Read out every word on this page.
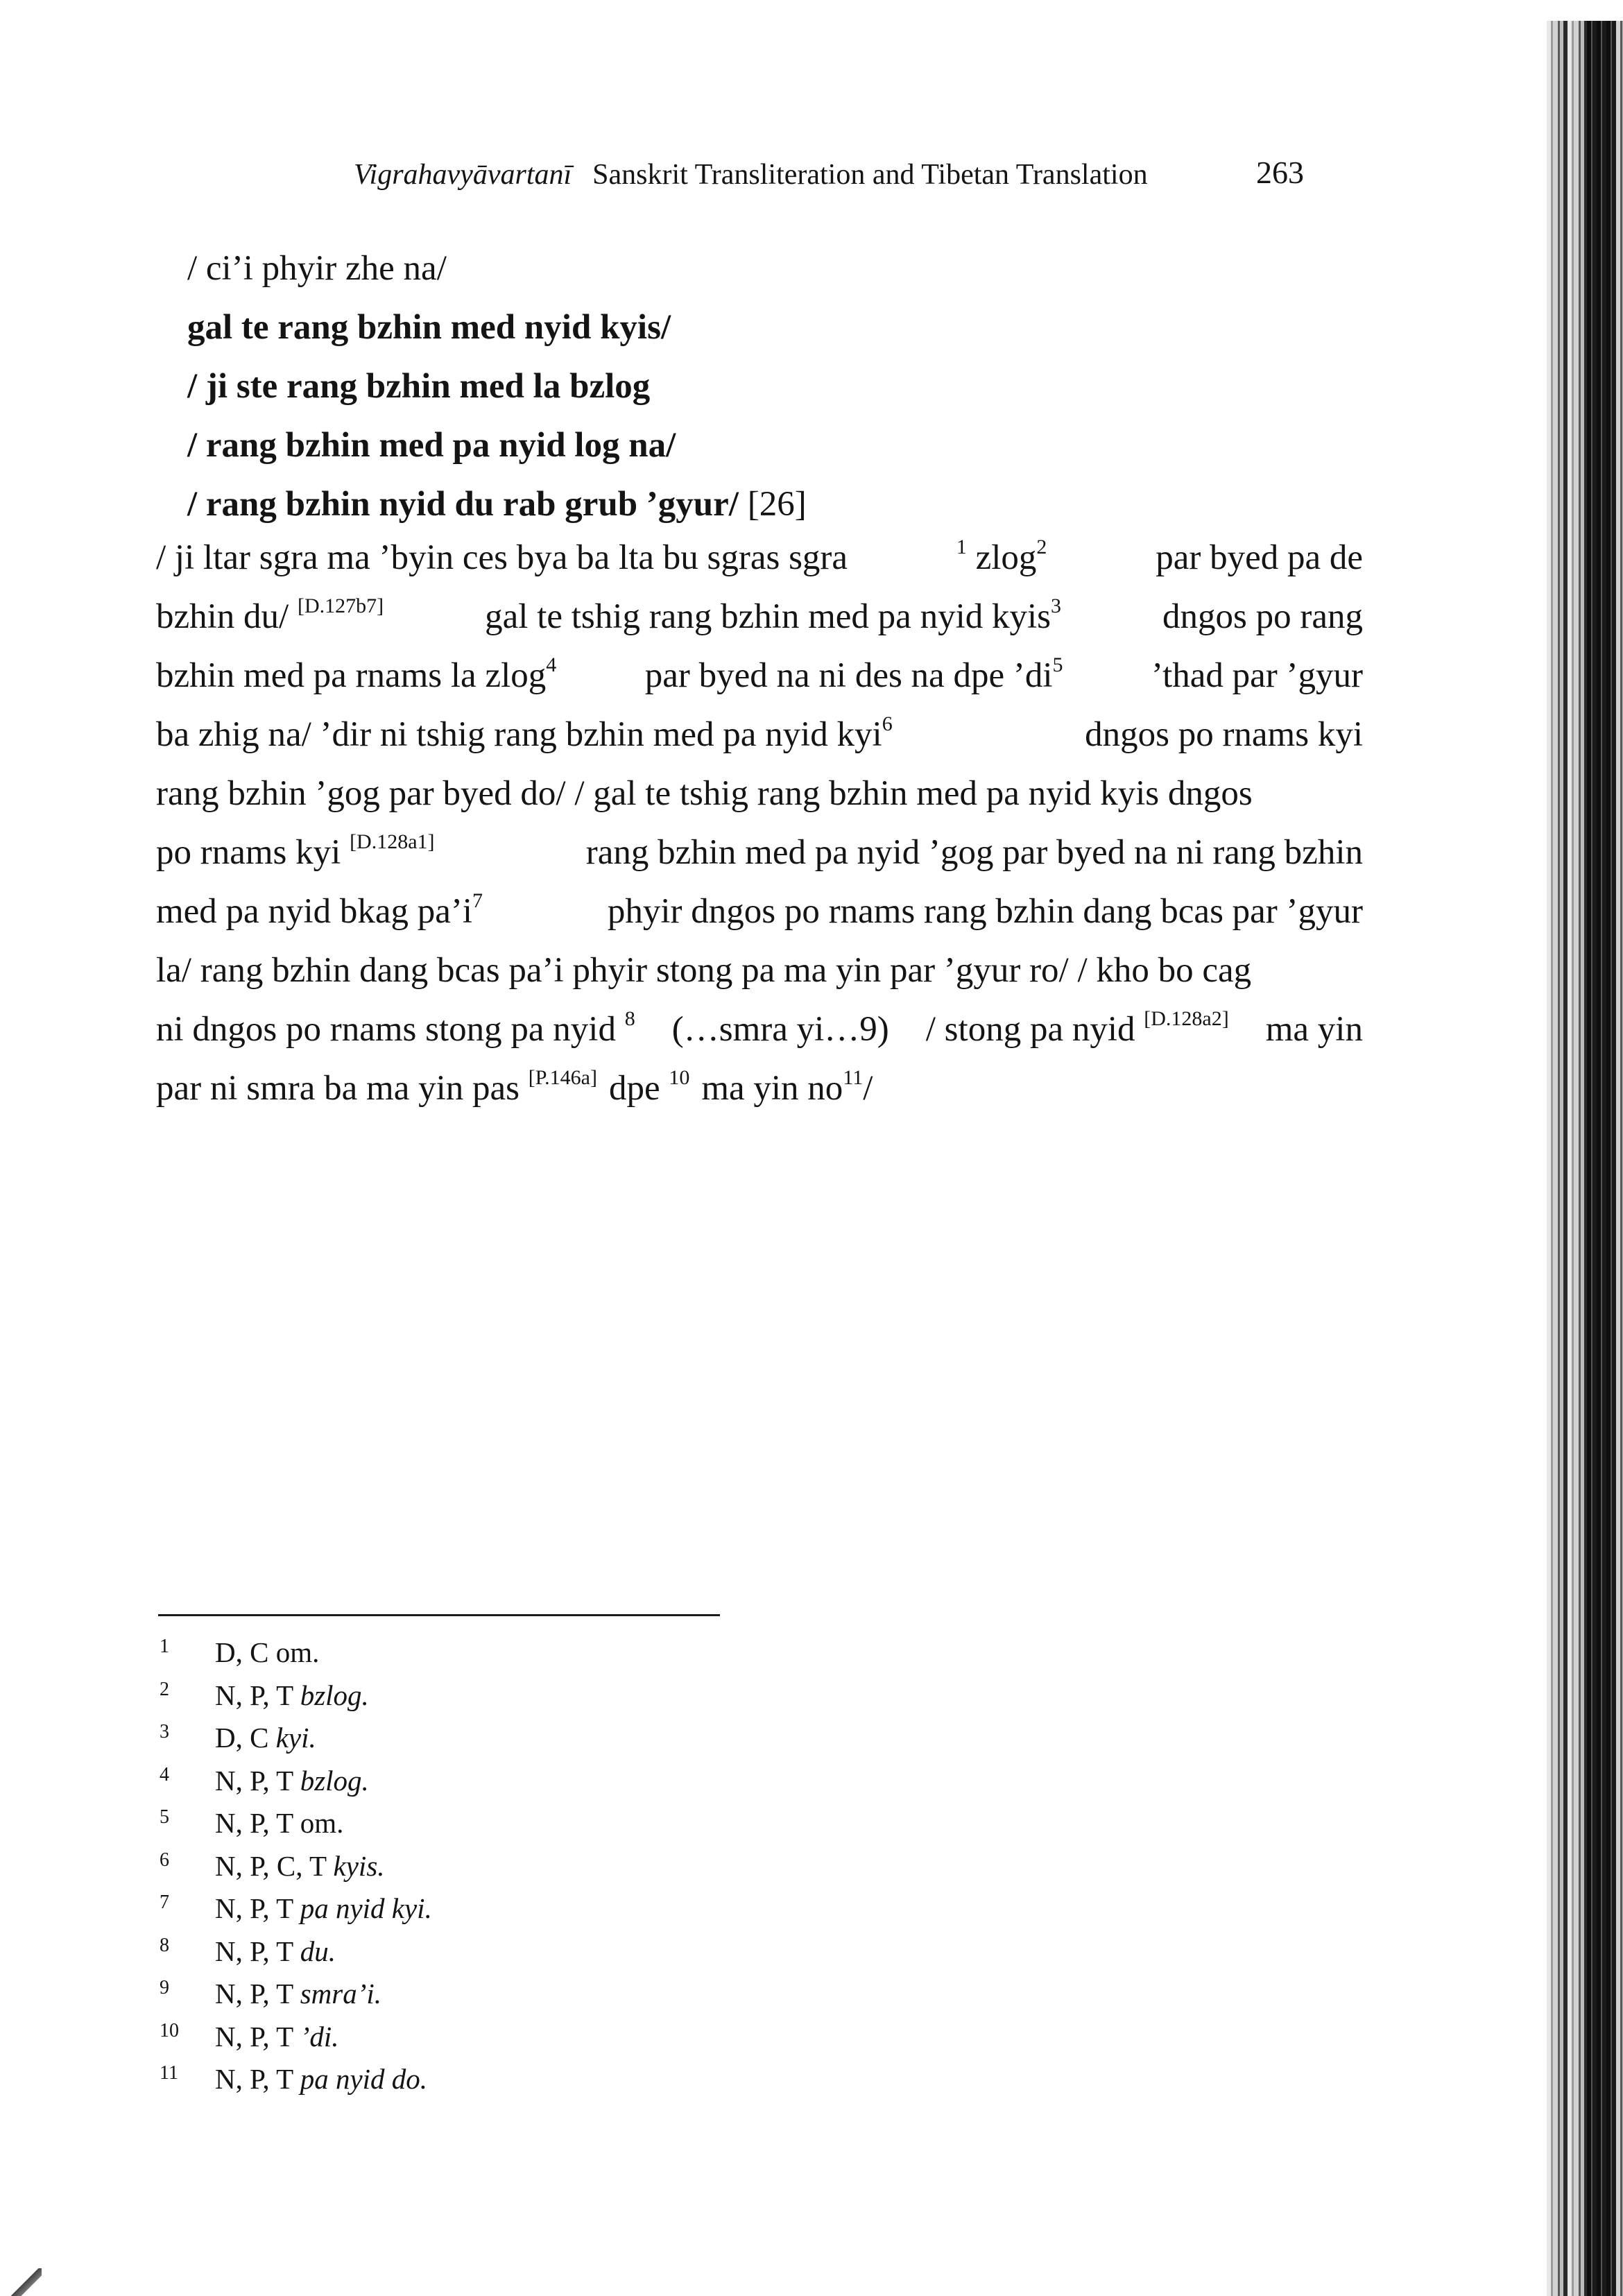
Vigrahavyāvartanī Sanskrit Transliteration and Tibetan Translation	263
/ ci’i phyir zhe na/
gal te rang bzhin med nyid kyis/
/ ji ste rang bzhin med la bzlog
/ rang bzhin med pa nyid log na/
/ rang bzhin nyid du rab grub ’gyur/ [26]
/ ji ltar sgra ma ’byin ces bya ba lta bu sgras sgra	$^1$ zlog$^2$	par byed pa de
bzhin du/ [D.127b7]	gal te tshig rang bzhin med pa nyid kyis$^3$	dngos po rang
bzhin med pa rnams la zlog$^4$	par byed na ni des na dpe $’di^5$	’thad par ’gyur
ba zhig na/ ’dir ni tshig rang bzhin med pa nyid kyi$^6$	dngos po rnams kyi
rang bzhin ’gog par byed do/ / gal te tshig rang bzhin med pa nyid kyis dngos
po rnams kyi [D.128a1]	rang bzhin med pa nyid ’gog par byed na ni rang bzhin
med pa nyid bkag $pa’i^7$	phyir dngos po rnams rang bzhin dang bcas par ’gyur
la/ rang bzhin dang bcas pa’i phyir stong pa ma yin par ’gyur ro/ / kho bo cag
ni dngos po rnams stong pa nyid $^8$ (…smra yi…9) / stong pa nyid [D.128a2] ma yin
par ni smra ba ma yin pas [P.146a] dpe $^{10}$ ma yin $no^{11}/$
1 D, C om.
2 N, P, T bzlog.
3 D, C kyi.
4 N, P, T bzlog.
5 N, P, T om.
6 N, P, C, T kyis.
7 N, P, T pa nyid kyi.
8 N, P, T du.
9 N, P, T smra’i.
10 N, P, T ’di.
11 N, P, T pa nyid do.
